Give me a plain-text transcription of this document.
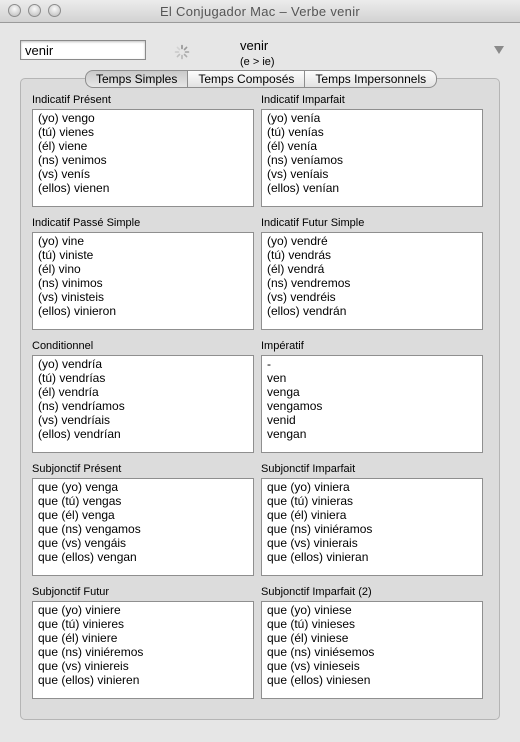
El Conjugador Mac – Verbe venir
venir
venir
(e > ie)
Temps Simples	Temps Composés	Temps Impersonnels
Indicatif Présent
(yo) vengo
(tú) vienes
(él) viene
(ns) venimos
(vs) venís
(ellos) vienen
Indicatif Imparfait
(yo) venía
(tú) venías
(él) venía
(ns) veníamos
(vs) veníais
(ellos) venían
Indicatif Passé Simple
(yo) vine
(tú) viniste
(él) vino
(ns) vinimos
(vs) vinisteis
(ellos) vinieron
Indicatif Futur Simple
(yo) vendré
(tú) vendrás
(él) vendrá
(ns) vendremos
(vs) vendréis
(ellos) vendrán
Conditionnel
(yo) vendría
(tú) vendrías
(él) vendría
(ns) vendríamos
(vs) vendríais
(ellos) vendrían
Impératif
-
ven
venga
vengamos
venid
vengan
Subjonctif Présent
que (yo) venga
que (tú) vengas
que (él) venga
que (ns) vengamos
que (vs) vengáis
que (ellos) vengan
Subjonctif Imparfait
que (yo) viniera
que (tú) vinieras
que (él) viniera
que (ns) viniéramos
que (vs) vinierais
que (ellos) vinieran
Subjonctif Futur
que (yo) viniere
que (tú) vinieres
que (él) viniere
que (ns) viniéremos
que (vs) viniereis
que (ellos) vinieren
Subjonctif Imparfait (2)
que (yo) viniese
que (tú) vinieses
que (él) viniese
que (ns) viniésemos
que (vs) vinieseis
que (ellos) viniesen
